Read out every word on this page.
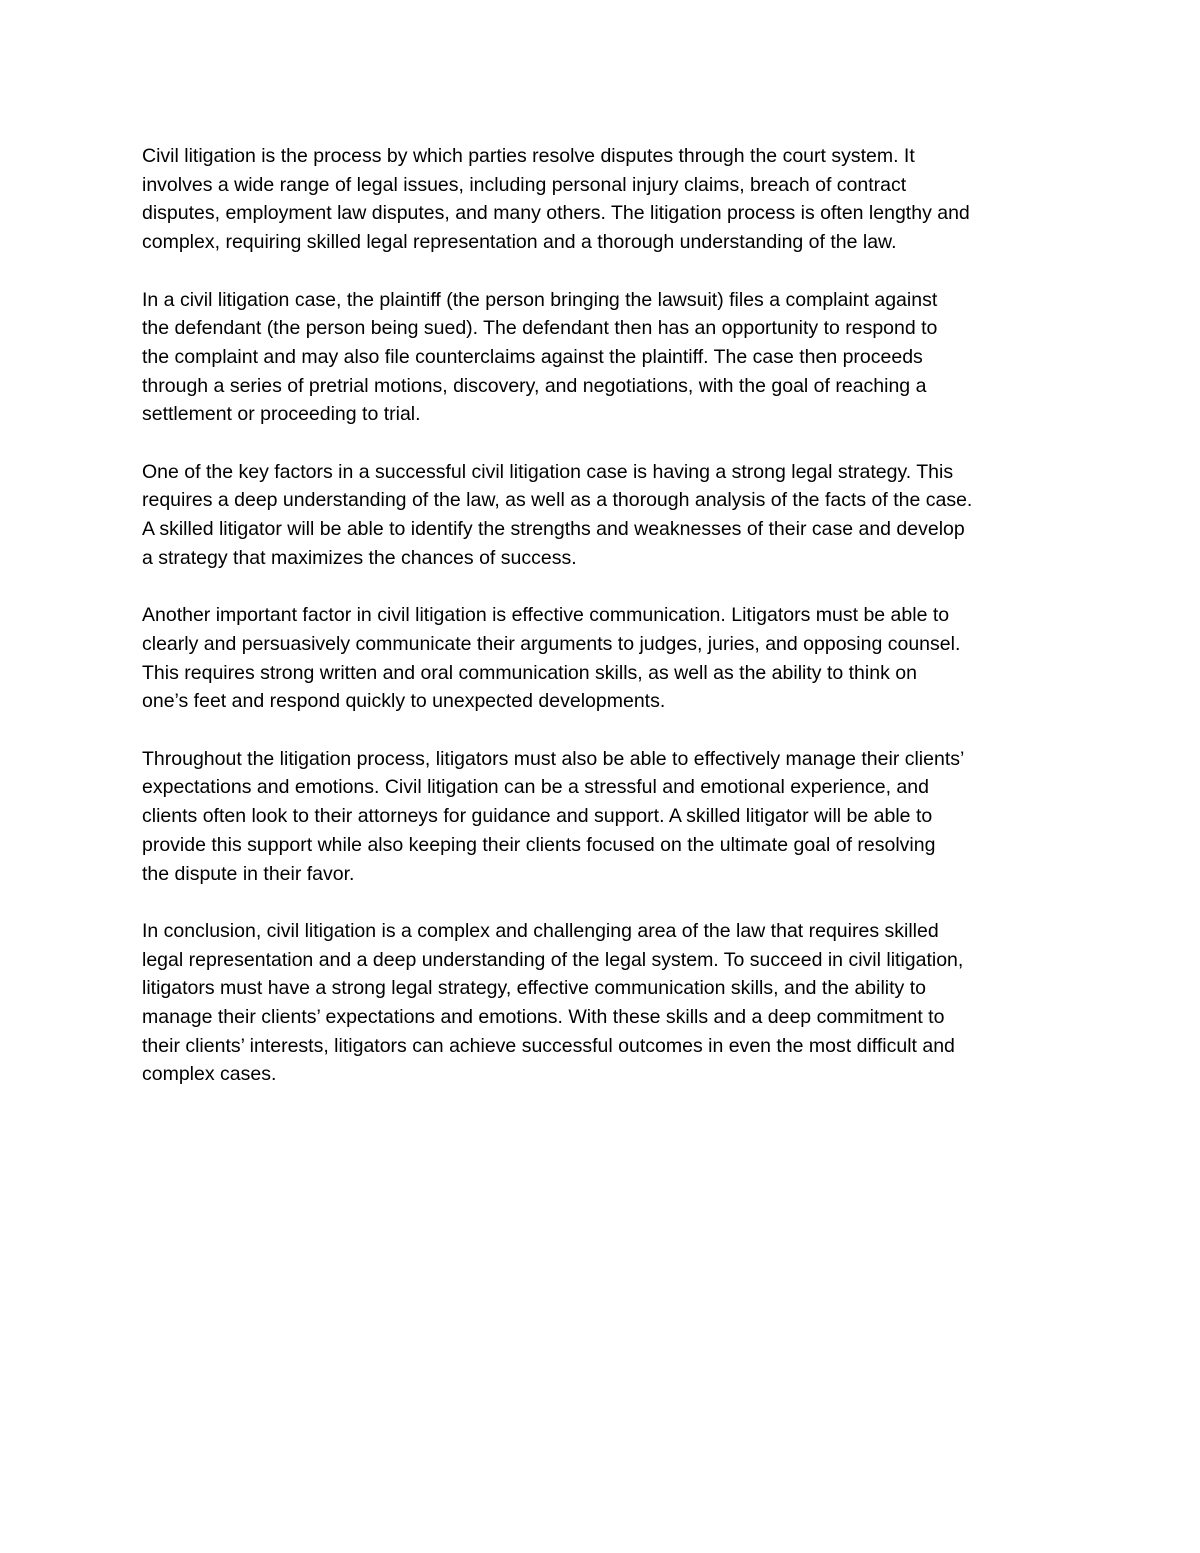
Civil litigation is the process by which parties resolve disputes through the court system. It
involves a wide range of legal issues, including personal injury claims, breach of contract
disputes, employment law disputes, and many others. The litigation process is often lengthy and
complex, requiring skilled legal representation and a thorough understanding of the law.

In a civil litigation case, the plaintiff (the person bringing the lawsuit) files a complaint against
the defendant (the person being sued). The defendant then has an opportunity to respond to
the complaint and may also file counterclaims against the plaintiff. The case then proceeds
through a series of pretrial motions, discovery, and negotiations, with the goal of reaching a
settlement or proceeding to trial.

One of the key factors in a successful civil litigation case is having a strong legal strategy. This
requires a deep understanding of the law, as well as a thorough analysis of the facts of the case.
A skilled litigator will be able to identify the strengths and weaknesses of their case and develop
a strategy that maximizes the chances of success.

Another important factor in civil litigation is effective communication. Litigators must be able to
clearly and persuasively communicate their arguments to judges, juries, and opposing counsel.
This requires strong written and oral communication skills, as well as the ability to think on
one’s feet and respond quickly to unexpected developments.

Throughout the litigation process, litigators must also be able to effectively manage their clients’
expectations and emotions. Civil litigation can be a stressful and emotional experience, and
clients often look to their attorneys for guidance and support. A skilled litigator will be able to
provide this support while also keeping their clients focused on the ultimate goal of resolving
the dispute in their favor.

In conclusion, civil litigation is a complex and challenging area of the law that requires skilled
legal representation and a deep understanding of the legal system. To succeed in civil litigation,
litigators must have a strong legal strategy, effective communication skills, and the ability to
manage their clients’ expectations and emotions. With these skills and a deep commitment to
their clients’ interests, litigators can achieve successful outcomes in even the most difficult and
complex cases.
